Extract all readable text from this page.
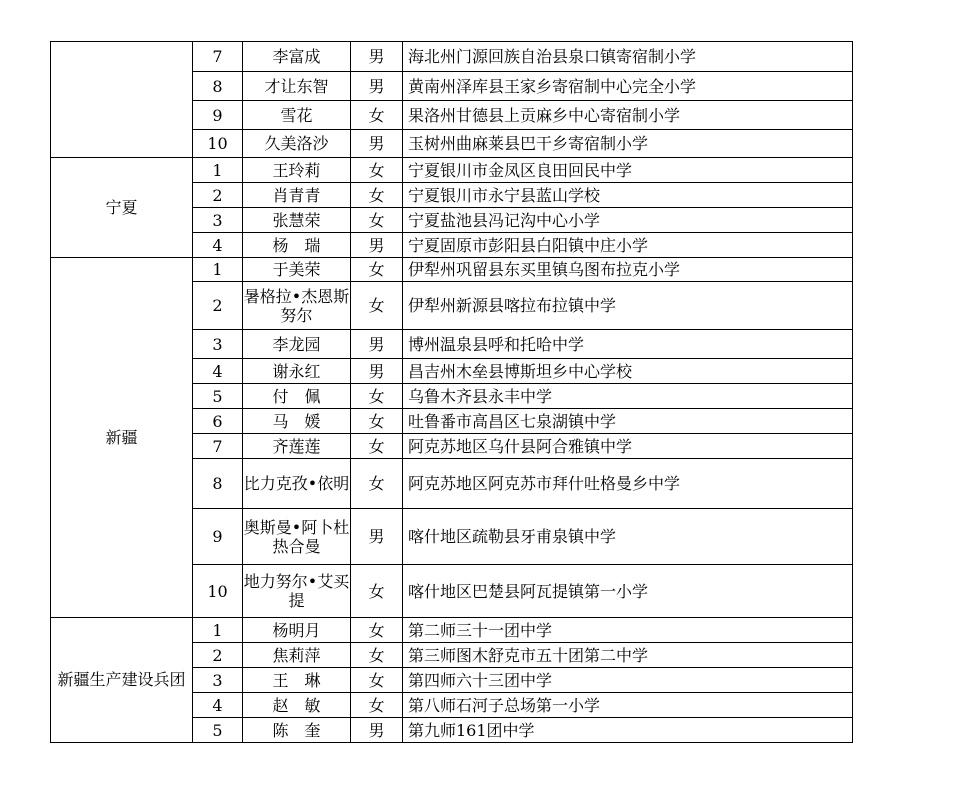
	7	李富成	男	海北州门源回族自治县泉口镇寄宿制小学
	8	才让东智	男	黄南州泽库县王家乡寄宿制中心完全小学
	9	雪花	女	果洛州甘德县上贡麻乡中心寄宿制小学
	10	久美洛沙	男	玉树州曲麻莱县巴干乡寄宿制小学
宁夏	1	王玲莉	女	宁夏银川市金凤区良田回民中学
	2	肖青青	女	宁夏银川市永宁县蓝山学校
	3	张慧荣	女	宁夏盐池县冯记沟中心小学
	4	杨　瑞	男	宁夏固原市彭阳县白阳镇中庄小学
新疆	1	于美荣	女	伊犁州巩留县东买里镇乌图布拉克小学
	2	暑格拉•杰恩斯努尔	女	伊犁州新源县喀拉布拉镇中学
	3	李龙园	男	博州温泉县呼和托哈中学
	4	谢永红	男	昌吉州木垒县博斯坦乡中心学校
	5	付　佩	女	乌鲁木齐县永丰中学
	6	马　媛	女	吐鲁番市高昌区七泉湖镇中学
	7	齐莲莲	女	阿克苏地区乌什县阿合雅镇中学
	8	比力克孜•依明	女	阿克苏地区阿克苏市拜什吐格曼乡中学
	9	奥斯曼•阿卜杜热合曼	男	喀什地区疏勒县牙甫泉镇中学
	10	地力努尔•艾买提	女	喀什地区巴楚县阿瓦提镇第一小学
新疆生产建设兵团	1	杨明月	女	第二师三十一团中学
	2	焦莉萍	女	第三师图木舒克市五十团第二中学
	3	王　琳	女	第四师六十三团中学
	4	赵　敏	女	第八师石河子总场第一小学
	5	陈　奎	男	第九师161团中学
